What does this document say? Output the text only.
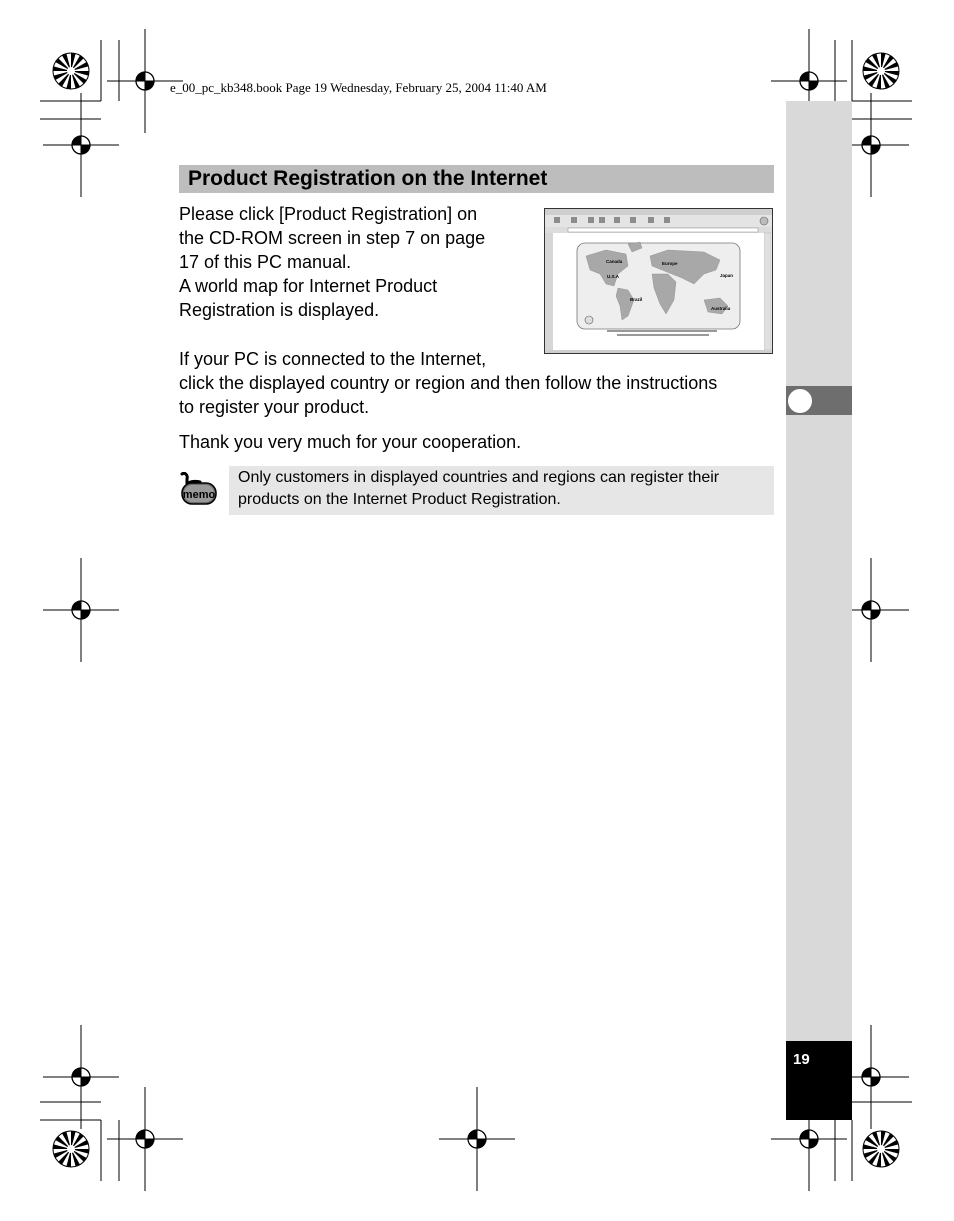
e_00_pc_kb348.book Page 19 Wednesday, February 25, 2004 11:40 AM
19
Product Registration on the Internet
Please click [Product Registration] on
the CD-ROM screen in step 7 on page
17 of this PC manual.
A world map for Internet Product
Registration is displayed.
If your PC is connected to the Internet,
click the displayed country or region and then follow the instructions
to register your product.
Thank you very much for your cooperation.
memo
Only customers in displayed countries and regions can register their
products on the Internet Product Registration.
Canada	Europe
U.S.A	Japan
Brazil
Australia
